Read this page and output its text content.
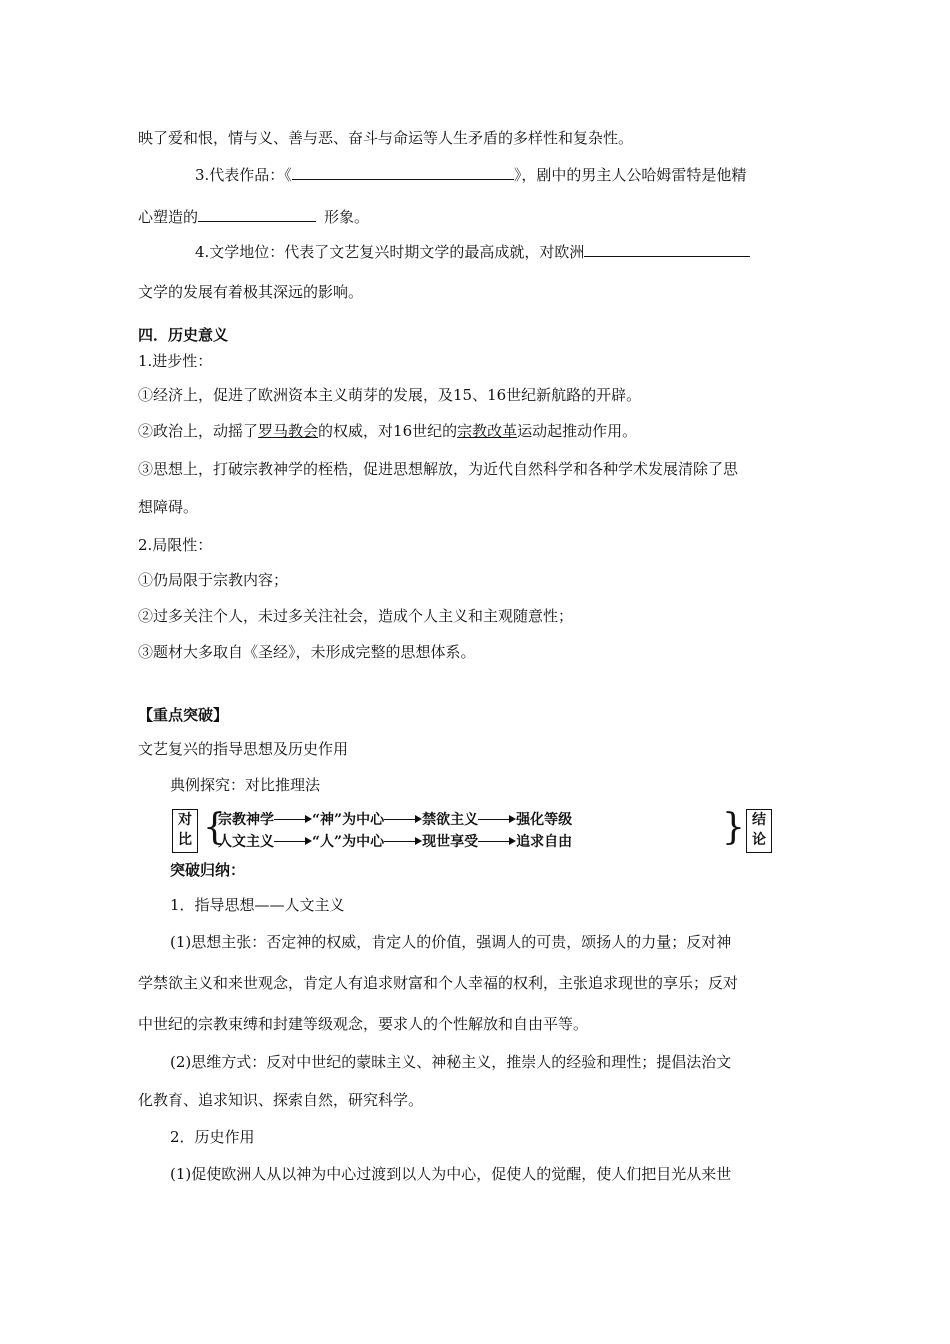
映了爱和恨，情与义、善与恶、奋斗与命运等人生矛盾的多样性和复杂性。
3.代表作品：《	》，剧中的男主人公哈姆雷特是他精
心塑造的	形象。
4.文学地位：代表了文艺复兴时期文学的最高成就，对欧洲
文学的发展有着极其深远的影响。
四．历史意义
1.进步性：
①经济上，促进了欧洲资本主义萌芽的发展，及15、16世纪新航路的开辟。
②政治上，动摇了罗马教会的权威，对16世纪的宗教改革运动起推动作用。
③思想上，打破宗教神学的桎梏，促进思想解放，为近代自然科学和各种学术发展清除了思
想障碍。
2.局限性：
①仍局限于宗教内容；
②过多关注个人，未过多关注社会，造成个人主义和主观随意性；
③题材大多取自《圣经》，未形成完整的思想体系。
【重点突破】
文艺复兴的指导思想及历史作用
典例探究：对比推理法
对
比 {
宗教神学	“神”为中心	禁欲主义	强化等级
人文主义	“人”为中心	现世享受	追求自由	} 结
论
突破归纳：
1．指导思想——人文主义
(1)思想主张：否定神的权威，肯定人的价值，强调人的可贵，颂扬人的力量；反对神
学禁欲主义和来世观念，肯定人有追求财富和个人幸福的权利，主张追求现世的享乐；反对
中世纪的宗教束缚和封建等级观念，要求人的个性解放和自由平等。
(2)思维方式：反对中世纪的蒙昧主义、神秘主义，推崇人的经验和理性；提倡法治文
化教育、追求知识、探索自然，研究科学。
2．历史作用
(1)促使欧洲人从以神为中心过渡到以人为中心，促使人的觉醒，使人们把目光从来世
